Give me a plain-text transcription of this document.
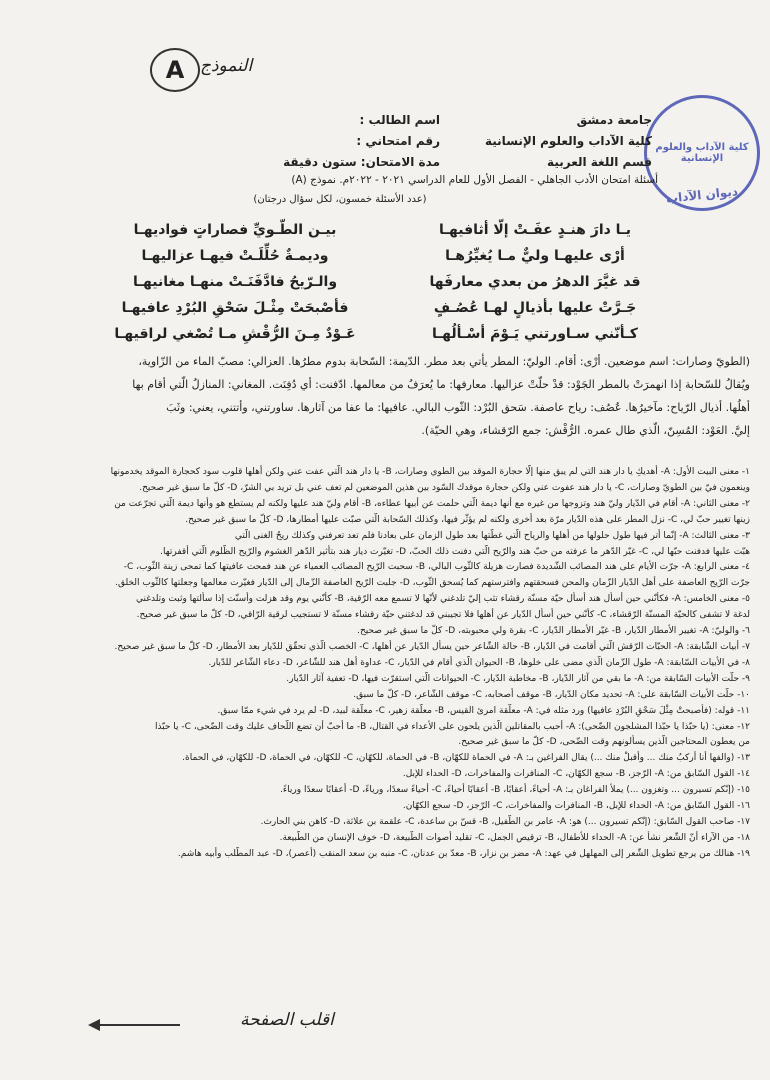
A النموذج
كلية الآداب والعلوم الإنسانية
ديوان الآداب
جامعة دمشق
كلية الآداب والعلوم الإنسانية
قسم اللغة العربية
اسم الطالب :
رقم امتحاني :
مدة الامتحان: ستون دقيقة
أسئلة امتحان الأدب الجاهلي - الفصل الأول للعام الدراسي ٢٠٢١ - ٢٠٢٢م. نموذج (A)
(عدد الأسئلة خمسون، لكل سؤال درجتان)
يـا دارَ هنـدٍ عفَـتْ إلّا أثافيهـا
بيـن الطّـويِّ فصاراتٍ فواديهـا
أرْى عليهـا وليٌّ مـا يُغيِّرُهـا
وديمـةٌ حُلِّلَـتْ فيهـا عزاليهـا
قد غيَّرَ الدهرُ من بعدي معارفَها
والـرّيحُ فادَّفَنَـتْ منهـا مغانيهـا
جَـرَّتْ عليها بأذيالٍ لهـا عُصُـفٍ
فأصْبحَتْ مِثْـلَ سَحْقِ البُرْدِ عافيهـا
كـأنّني سـاورتني يَـوْمَ أسْـألُهـا
عَـوْدٌ مِـنَ الرُّقْشِ مـا تُصْغي لراقيهـا
(الطويّ وصارات: اسم موضعين. أرْى: أقام. الوليّ: المطر يأتي بعد مطر. الدّيمة: السّحابة بدوم مطرُها. العزالي: مصبّ الماء من الزّاوية،
ويُقالُ للسّحابة إذا انهمرَتْ بالمطر الجَوْد: قدْ حلّتْ عزاليها. معارفها: ما يُعرَفُ من معالمها. ادّفنت: أي دُفِنَت. المغاني: المنازلُ الّتي أقام بها
أهلُها. أذيال الرّياح: مآخيرُها. عُصُف: رياح عاصفة. سَحق البُرْد: الثّوب البالي. عافيها: ما عفا من آثارها. ساورتني، وأتتني، يعني: وثَبَ
إليَّ. العَوْد: المُسِنّ، الّذي طال عمره. الرُّقْش: جمع الرّقشاء، وهي الحيّة).

١- معنى البيت الأول: A- أهديكِ يا دار هند التي لم يبق منها إلّا حجارة الموقد بين الطوي وصارات، B- يا دار هند الّتي عفت عني ولكن أهلها قلوب سود كحجارة الموقد يخدمونها

وينعمون فيّ بين الطويّ وصارات، C- يا دار هند عفوت عني ولكن حجارة موقدك السّود بين هذين الموضعين لم تعف عني بل تريد بي الشرّ، D- كلّ ما سبق غير صحيح.

٢- معنى الثاني: A- أقام في الدّيار وليّ هند وتزوجها من غيره مع أنها ديمة الّتي حلمت عن أبيها عطاءه، B- أقام وليّ هند عليها ولكنه لم يستطع هو وأنها ديمة الّتي تجرّعت من

زينها تغيير حبّ لي، C- نزل المطر على هذه الدّيار مرّة بعد أخرى ولكنه لم يؤثّر فيها، وكذلك السّحابة الّتي صبّت عليها أمطارها، D- كلّ ما سبق غير صحيح.

٣- معنى الثالث: A- إنّما أتر فيها طول حلولها من أهلها والرياح الّتي غطّتها بعد طول الزمان على بعادنا فلم تعد تعرفني وكذلك ريحُ الغنى الّتي

هبّت عليها فدفنت حبّها لي، C- غيّر الدّهر ما عرفته من حبّ هند والرّيح الّتي دفنت ذلك الحبّ، D- تغيّرت ديار هند بتأثير الدّهر الغشوم والرّيح الظّلوم الّتي أقفرتها.

٤- معنى الرابع: A- جرّت الأيام على هند المصائب الشّديدة فصارت هزيلة كالثّوب البالي، B- سحبت الرّيح المصائب العمياء عن هند فمحت عافيتها كما تمحى زينة الثّوب، C-

جرّت الرّيح العاصفة على أهل الدّيار الزّمان والمحن فسحقتهم وافترستهم كما يُسحق الثّوب، D- جلبت الرّيح العاصفة الزّمال إلى الدّيار فغيّرت معالمها وجعلتها كالثّوب الخلق.

٥- معنى الخامس: A- فكأنّني حين أسأل هند أسأل حيّة مسنّة رقشاء تثب إليّ تلدغني لأنّها لا تسمع معه الرّقية، B- كأنّني يوم وقد هزلت وأسنّت إذا سألتها وثبت وتلدغني

لدغة لا تشفى كالحيّة المسنّة الرّقشاء، C- كأنّني حين أسأل الدّيار عن أهلها فلا تجيبني قد لدغتني حيّة رقشاء مسنّة لا تستجيب لرقية الرّاقي، D- كلّ ما سبق غير صحيح.

٦- والوليّ: A- تغيير الأمطار الدّيار، B- غيّر الأمطار الدّيار، C- بقرة ولي محبوبته، D- كلّ ما سبق غير صحيح.

٧- أبيات الشّابقة: A- الحبّات الرّقش الّتي أقامت في الدّيار، B- حالة الشّاعر حين يسأل الدّيار عن أهلها، C- الخصب الّذي تحقّق للدّيار بعد الأمطار، D- كلّ ما سبق غير صحيح.

٨- في الأبيات السّابقة: A- طول الزّمان الّذي مضى على خلوها، B- الحيوان الّذي أقام في الدّيار، C- عداوة أهل هند للشّاعر، D- دعاء الشّاعر للدّيار.

٩- حلّت الأبيات السّابقة من: A- ما بقي من آثار الدّيار، B- مخاطبة الدّيار، C- الحيوانات الّتي استقرّت فيها، D- تعفية آثار الدّيار.

١٠- حلّت الأبيات السّابقة على: A- تحديد مكان الدّيار، B- موقف أصحابه، C- موقف الشّاعر، D- كلّ ما سبق.

١١- قوله: (فأصبحتْ مِثْلَ سَحْقِ البُرْدِ عافيها) ورد مثله في: A- معلّقة امرئ القيس، B- معلّقة زهير، C- معلّقة لبيد، D- لم يرد في شيء ممّا سبق.

١٢- معنى: (يا حبّذا يا حبّذا المشلجون الضّحى): A- أحبب بالمقاتلين الّذين يلحون على الأعداء في القتال، B- ما أحبّ أن تضع اللّحاف عليك وقت الضّحى، C- يا حبّذا

من يعطون المحتاجين الّذين يسألونهم وقت الضّحى، D- كلّ ما سبق غير صحيح.

١٣- (والفها أنا أركبُ منك ... وأقبلْ منك ...) يقال الفراغين بـ: A- في الحماة للكهّان، B- في الحماة، للكهّان، C- للكهّان، في الحماة، D- للكهّان، في الحماة.

١٤- القول السّابق من: A- الرّجز، B- سجع الكهّان، C- المنافرات والمفاخرات، D- الحداء للإبل.

١٥- (إنّكم تسيرون ... وتغزون ...) يملأ الفراغان بـ: A- أحياءً، أعقابًا، B- أعقابًا أحياءً، C- أحياءً سعدًا، ورياءً، D- أعقابًا سعدًا ورياءً.

١٦- القول السّابق من: A- الحداء للإبل، B- المنافرات والمفاخرات، C- الرّجز، D- سجع الكهّان.

١٧- صاحب القول السّابق: (إنّكم تسيرون ...) هو: A- عامر بن الطّفيل، B- قسّ بن ساعدة، C- علقمة بن علاثة، D- كاهن بني الحارث.

١٨- من الآراء أنّ الشّعر نشأ عن: A- الحداء للأطفال، B- ترقيص الجمل، C- تقليد أصوات الطّبيعة، D- خوف الإنسان من الطّبيعة.

١٩- هنالك من يرجع تطويل الشّعر إلى المهلهل في عهد: A- مضر بن نزار، B- معدّ بن عدنان، C- منبه بن سعد المنقب (أعصر)، D- عبد المطّلب وأبيه هاشم.

اقلب الصفحة
